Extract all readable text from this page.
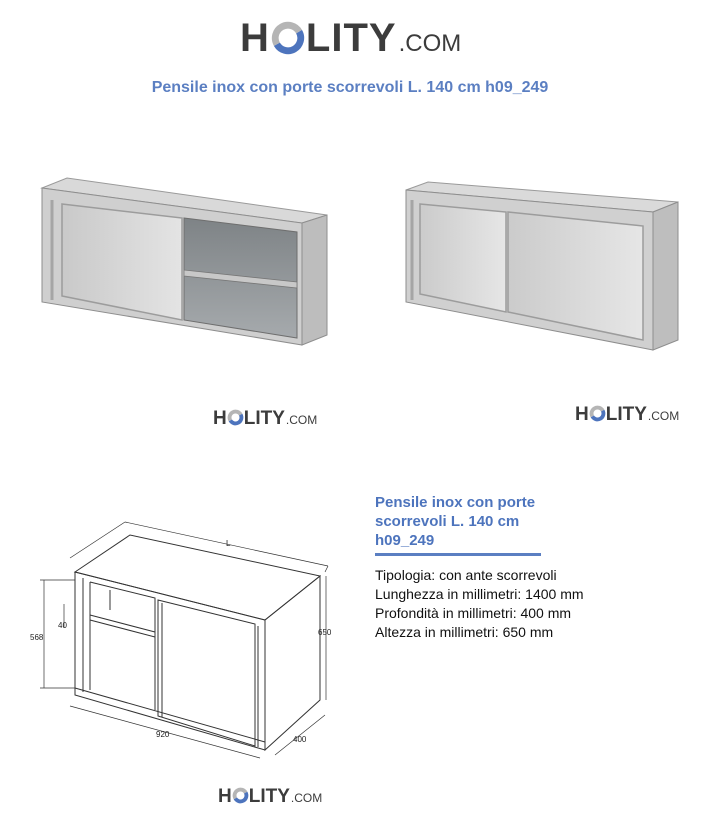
H LITY .COM
Pensile inox con porte scorrevoli L. 140 cm h09_249
H LITY .COM	H LITY .COM
L
568
40
650
920
400
H LITY .COM
Pensile inox con porte scorrevoli L. 140 cm h09_249
Tipologia: con ante scorrevoli
Lunghezza in millimetri: 1400 mm
Profondità in millimetri: 400 mm
Altezza in millimetri: 650 mm
